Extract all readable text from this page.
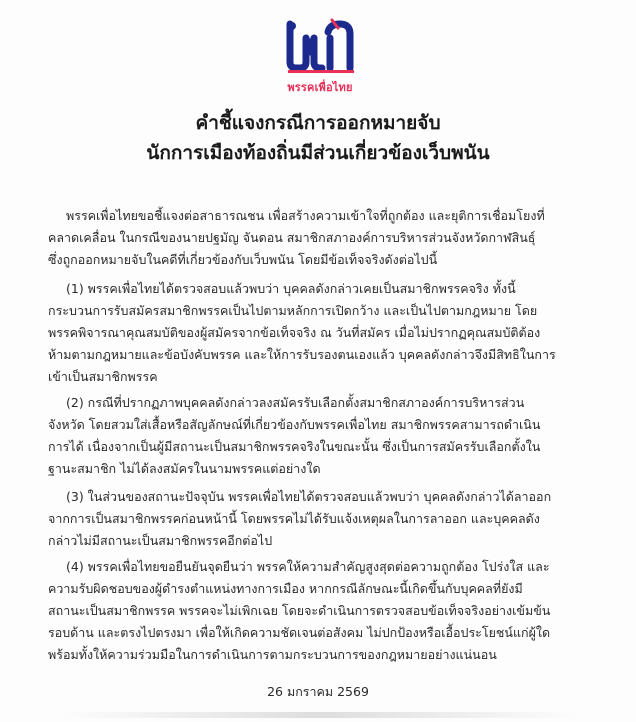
พรรคเพื่อไทย
คำชี้แจงกรณีการออกหมายจับ
นักการเมืองท้องถิ่นมีส่วนเกี่ยวข้องเว็บพนัน
พรรคเพื่อไทยขอชี้แจงต่อสาธารณชน เพื่อสร้างความเข้าใจที่ถูกต้อง และยุติการเชื่อมโยงที่
คลาดเคลื่อน ในกรณีของนายปฐมัญ จันดอน สมาชิกสภาองค์การบริหารส่วนจังหวัดกาฬสินธุ์
ซึ่งถูกออกหมายจับในคดีที่เกี่ยวข้องกับเว็บพนัน โดยมีข้อเท็จจริงดังต่อไปนี้
(1) พรรคเพื่อไทยได้ตรวจสอบแล้วพบว่า บุคคลดังกล่าวเคยเป็นสมาชิกพรรคจริง ทั้งนี้
กระบวนการรับสมัครสมาชิกพรรคเป็นไปตามหลักการเปิดกว้าง และเป็นไปตามกฎหมาย โดย
พรรคพิจารณาคุณสมบัติของผู้สมัครจากข้อเท็จจริง ณ วันที่สมัคร เมื่อไม่ปรากฏคุณสมบัติต้อง
ห้ามตามกฎหมายและข้อบังคับพรรค และให้การรับรองตนเองแล้ว บุคคลดังกล่าวจึงมีสิทธิในการ
เข้าเป็นสมาชิกพรรค
(2) กรณีที่ปรากฏภาพบุคคลดังกล่าวลงสมัครรับเลือกตั้งสมาชิกสภาองค์การบริหารส่วน
จังหวัด โดยสวมใส่เสื้อหรือสัญลักษณ์ที่เกี่ยวข้องกับพรรคเพื่อไทย สมาชิกพรรคสามารถดำเนิน
การได้ เนื่องจากเป็นผู้มีสถานะเป็นสมาชิกพรรคจริงในขณะนั้น ซึ่งเป็นการสมัครรับเลือกตั้งใน
ฐานะสมาชิก ไม่ได้ลงสมัครในนามพรรคแต่อย่างใด
(3) ในส่วนของสถานะปัจจุบัน พรรคเพื่อไทยได้ตรวจสอบแล้วพบว่า บุคคลดังกล่าวได้ลาออก
จากการเป็นสมาชิกพรรคก่อนหน้านี้ โดยพรรคไม่ได้รับแจ้งเหตุผลในการลาออก และบุคคลดัง
กล่าวไม่มีสถานะเป็นสมาชิกพรรคอีกต่อไป
(4) พรรคเพื่อไทยขอยืนยันจุดยืนว่า พรรคให้ความสำคัญสูงสุดต่อความถูกต้อง โปร่งใส และ
ความรับผิดชอบของผู้ดำรงตำแหน่งทางการเมือง หากกรณีลักษณะนี้เกิดขึ้นกับบุคคลที่ยังมี
สถานะเป็นสมาชิกพรรค พรรคจะไม่เพิกเฉย โดยจะดำเนินการตรวจสอบข้อเท็จจริงอย่างเข้มข้น
รอบด้าน และตรงไปตรงมา เพื่อให้เกิดความชัดเจนต่อสังคม ไม่ปกป้องหรือเอื้อประโยชน์แก่ผู้ใด
พร้อมทั้งให้ความร่วมมือในการดำเนินการตามกระบวนการของกฎหมายอย่างแน่นอน
26 มกราคม 2569
